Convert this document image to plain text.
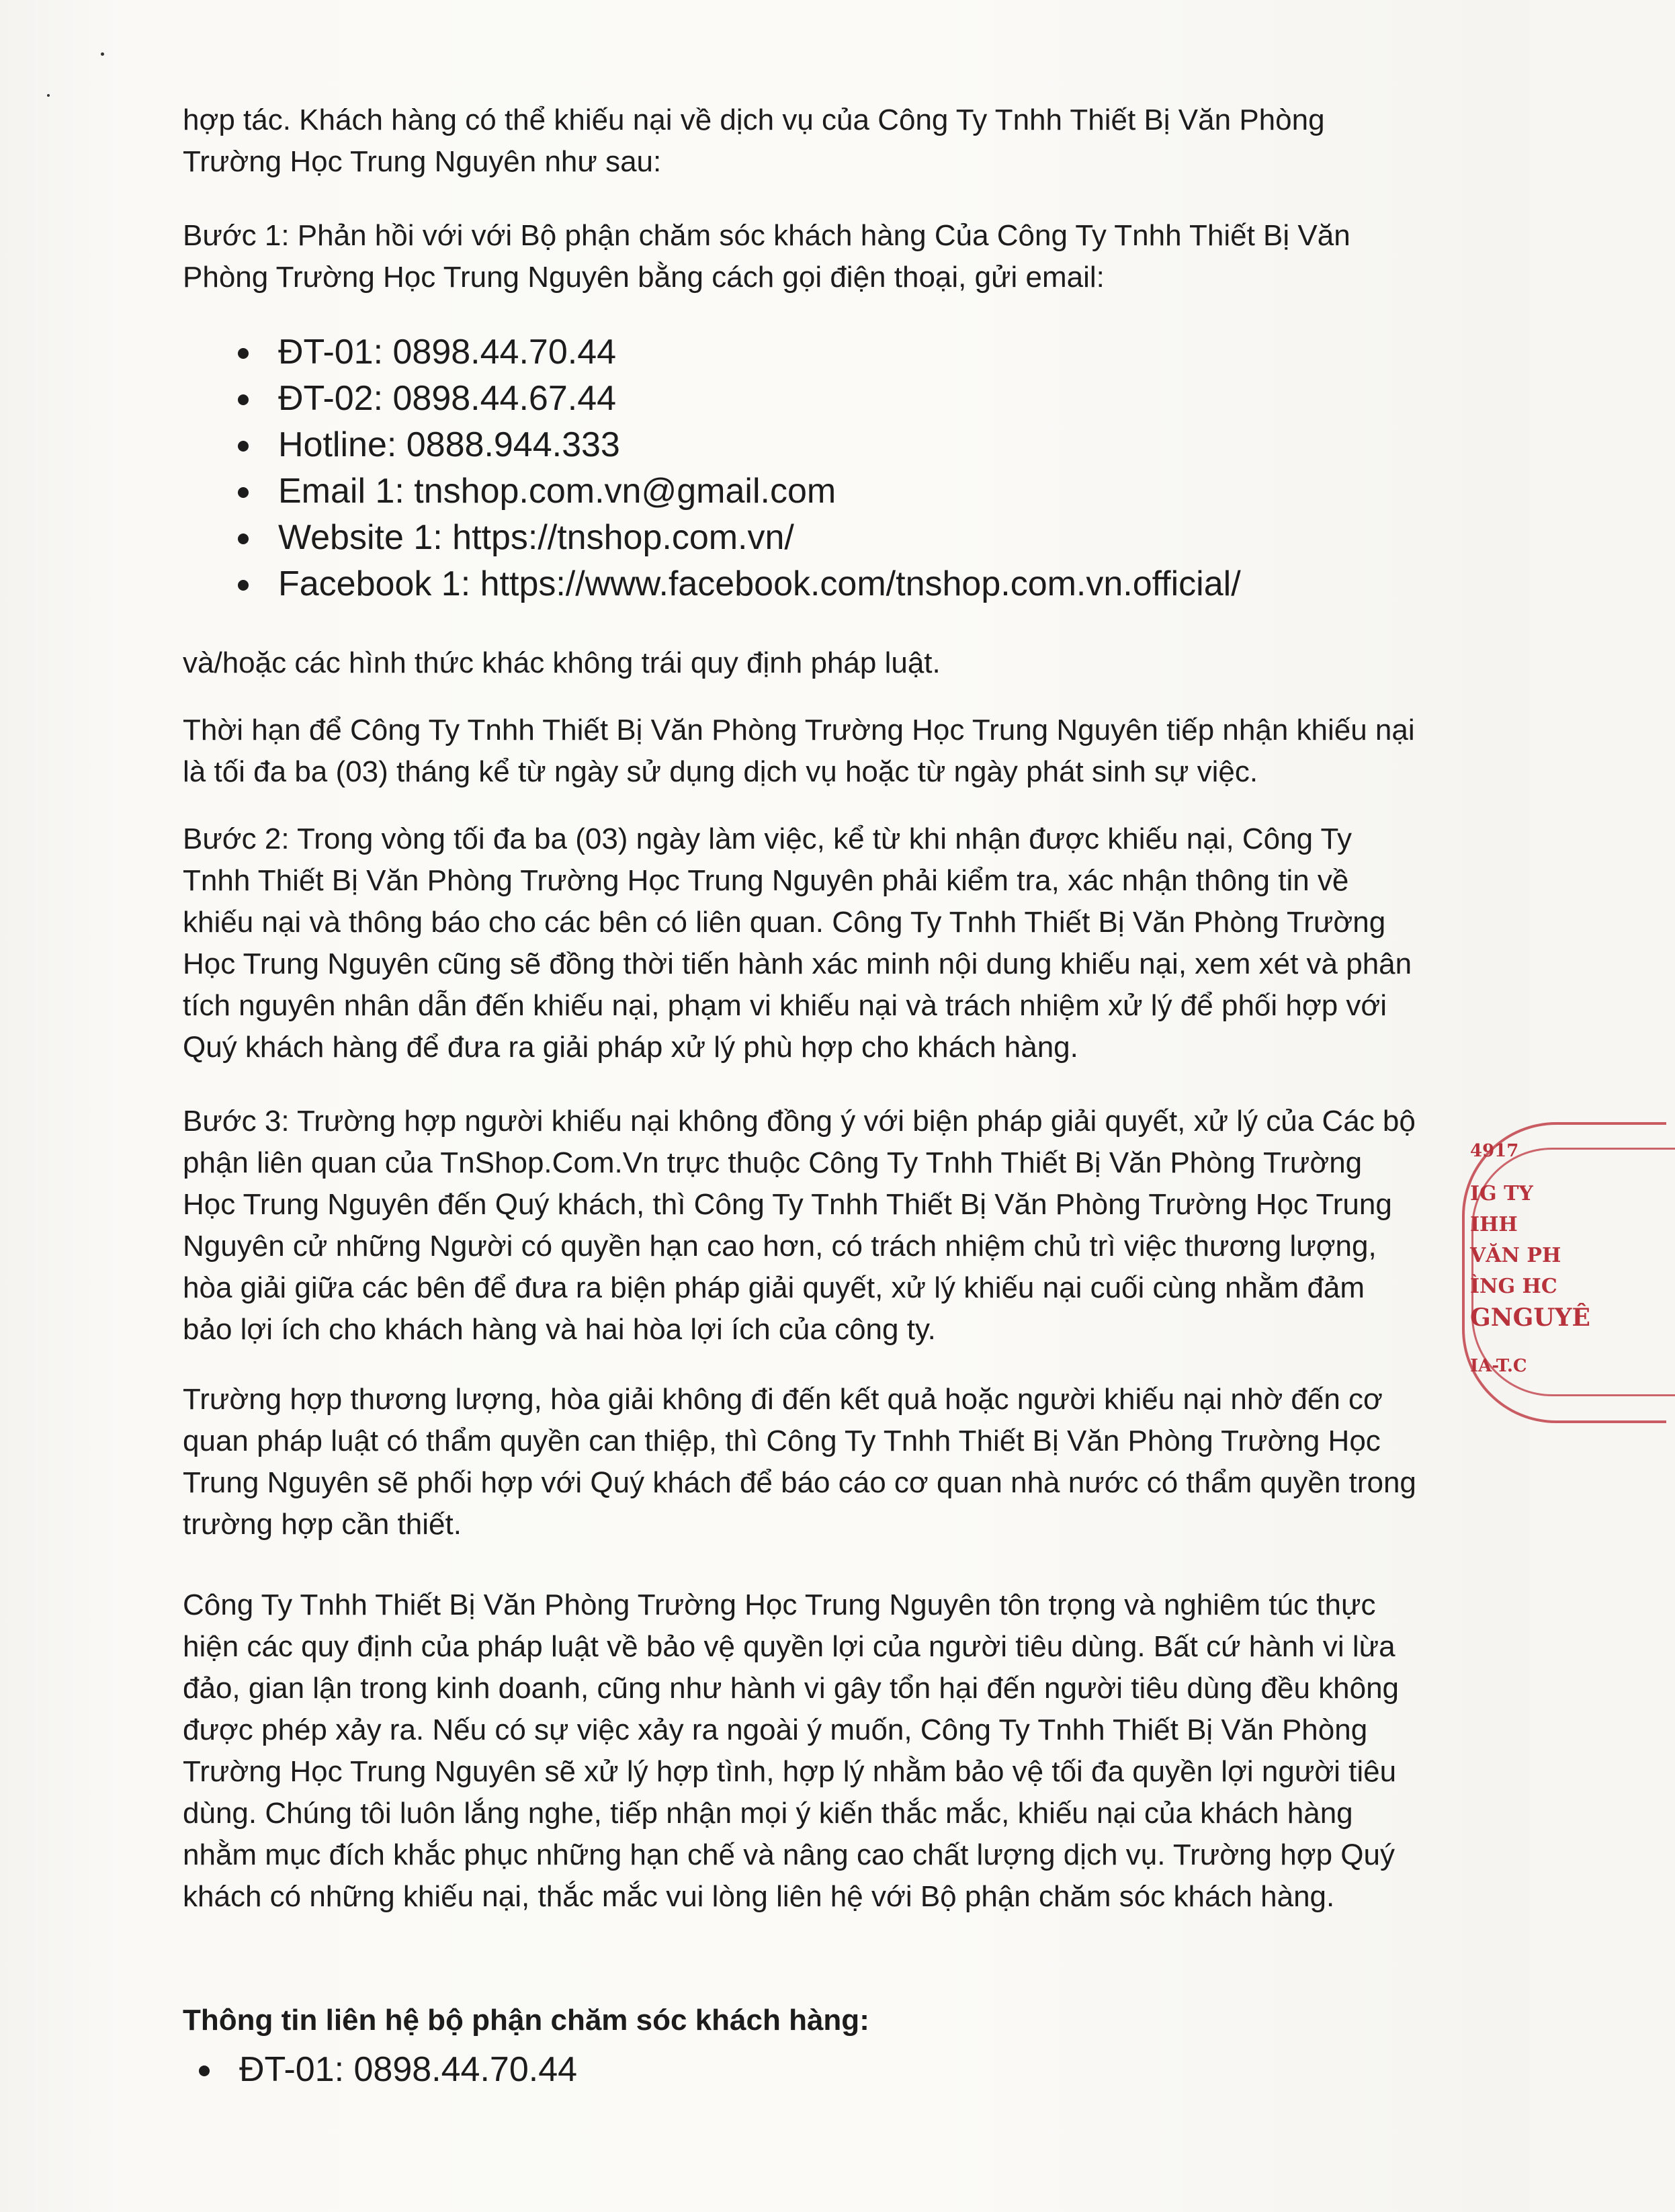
hợp tác. Khách hàng có thể khiếu nại về dịch vụ của Công Ty Tnhh Thiết Bị Văn Phòng Trường Học Trung Nguyên như sau:

Bước 1: Phản hồi với với Bộ phận chăm sóc khách hàng Của Công Ty Tnhh Thiết Bị Văn Phòng Trường Học Trung Nguyên bằng cách gọi điện thoại, gửi email:

ĐT-01: 0898.44.70.44
ĐT-02: 0898.44.67.44
Hotline: 0888.944.333
Email 1: tnshop.com.vn@gmail.com
Website 1: https://tnshop.com.vn/
Facebook 1: https://www.facebook.com/tnshop.com.vn.official/

và/hoặc các hình thức khác không trái quy định pháp luật.

Thời hạn để Công Ty Tnhh Thiết Bị Văn Phòng Trường Học Trung Nguyên tiếp nhận khiếu nại là tối đa ba (03) tháng kể từ ngày sử dụng dịch vụ hoặc từ ngày phát sinh sự việc.

Bước 2: Trong vòng tối đa ba (03) ngày làm việc, kể từ khi nhận được khiếu nại, Công Ty Tnhh Thiết Bị Văn Phòng Trường Học Trung Nguyên phải kiểm tra, xác nhận thông tin về khiếu nại và thông báo cho các bên có liên quan. Công Ty Tnhh Thiết Bị Văn Phòng Trường Học Trung Nguyên cũng sẽ đồng thời tiến hành xác minh nội dung khiếu nại, xem xét và phân tích nguyên nhân dẫn đến khiếu nại, phạm vi khiếu nại và trách nhiệm xử lý để phối hợp với Quý khách hàng để đưa ra giải pháp xử lý phù hợp cho khách hàng.

Bước 3: Trường hợp người khiếu nại không đồng ý với biện pháp giải quyết, xử lý của Các bộ phận liên quan của TnShop.Com.Vn trực thuộc Công Ty Tnhh Thiết Bị Văn Phòng Trường Học Trung Nguyên đến Quý khách, thì Công Ty Tnhh Thiết Bị Văn Phòng Trường Học Trung Nguyên cử những Người có quyền hạn cao hơn, có trách nhiệm chủ trì việc thương lượng, hòa giải giữa các bên để đưa ra biện pháp giải quyết, xử lý khiếu nại cuối cùng nhằm đảm bảo lợi ích cho khách hàng và hai hòa lợi ích của công ty.

Trường hợp thương lượng, hòa giải không đi đến kết quả hoặc người khiếu nại nhờ đến cơ quan pháp luật có thẩm quyền can thiệp, thì Công Ty Tnhh Thiết Bị Văn Phòng Trường Học Trung Nguyên sẽ phối hợp với Quý khách để báo cáo cơ quan nhà nước có thẩm quyền trong trường hợp cần thiết.

Công Ty Tnhh Thiết Bị Văn Phòng Trường Học Trung Nguyên tôn trọng và nghiêm túc thực hiện các quy định của pháp luật về bảo vệ quyền lợi của người tiêu dùng. Bất cứ hành vi lừa đảo, gian lận trong kinh doanh, cũng như hành vi gây tổn hại đến người tiêu dùng đều không được phép xảy ra. Nếu có sự việc xảy ra ngoài ý muốn, Công Ty Tnhh Thiết Bị Văn Phòng Trường Học Trung Nguyên sẽ xử lý hợp tình, hợp lý nhằm bảo vệ tối đa quyền lợi người tiêu dùng. Chúng tôi luôn lắng nghe, tiếp nhận mọi ý kiến thắc mắc, khiếu nại của khách hàng nhằm mục đích khắc phục những hạn chế và nâng cao chất lượng dịch vụ. Trường hợp Quý khách có những khiếu nại, thắc mắc vui lòng liên hệ với Bộ phận chăm sóc khách hàng.

Thông tin liên hệ bộ phận chăm sóc khách hàng:

ĐT-01: 0898.44.70.44
4917
IG TY
IHH
VĂN PH
ÌNG HC
GNGUYÊ
IA-T.C
